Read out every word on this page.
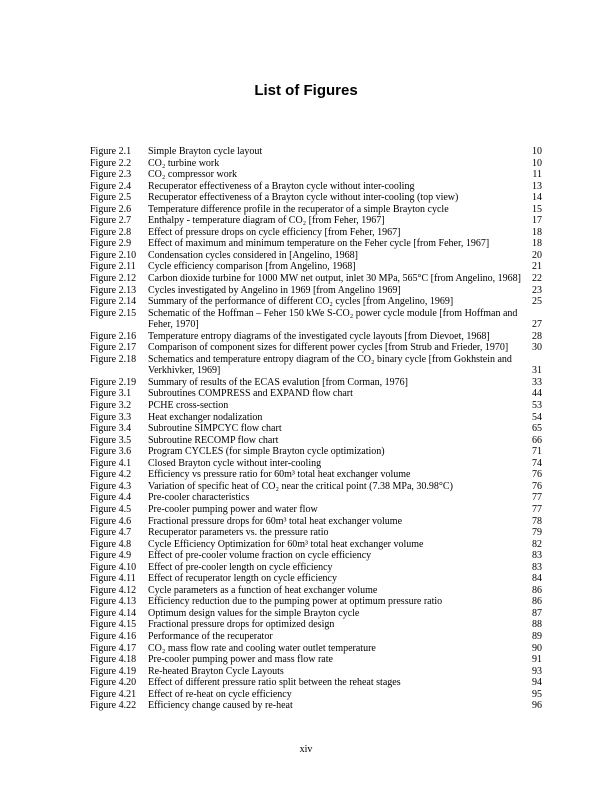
List of Figures
Figure 2.1	Simple Brayton cycle layout	10
Figure 2.2	CO₂ turbine work	10
Figure 2.3	CO₂ compressor work	11
Figure 2.4	Recuperator effectiveness of a Brayton cycle without inter-cooling	13
Figure 2.5	Recuperator effectiveness of a Brayton cycle without inter-cooling (top view)	14
Figure 2.6	Temperature difference profile in the recuperator of a simple Brayton cycle	15
Figure 2.7	Enthalpy - temperature diagram of CO₂ [from Feher, 1967]	17
Figure 2.8	Effect of pressure drops on cycle efficiency [from Feher, 1967]	18
Figure 2.9	Effect of maximum and minimum temperature on the Feher cycle [from Feher, 1967]	18
Figure 2.10	Condensation cycles considered in [Angelino, 1968]	20
Figure 2.11	Cycle efficiency comparison [from Angelino, 1968]	21
Figure 2.12	Carbon dioxide turbine for 1000 MW net output, inlet 30 MPa, 565°C [from Angelino, 1968]	22
Figure 2.13	Cycles investigated by Angelino in 1969 [from Angelino 1969]	23
Figure 2.14	Summary of the performance of different CO₂ cycles [from Angelino, 1969]	25
Figure 2.15	Schematic of the Hoffman – Feher 150 kWe S-CO₂ power cycle module [from Hoffman and
Feher, 1970]	27
Figure 2.16	Temperature entropy diagrams of the investigated cycle layouts [from Dievoet, 1968]	28
Figure 2.17	Comparison of component sizes for different power cycles [from Strub and Frieder, 1970]	30
Figure 2.18	Schematics and temperature entropy diagram of the CO₂ binary cycle [from Gokhstein and
Verkhivker, 1969]	31
Figure 2.19	Summary of results of the ECAS evalution [from Corman, 1976]	33
Figure 3.1	Subroutines COMPRESS and EXPAND flow chart	44
Figure 3.2	PCHE cross-section	53
Figure 3.3	Heat exchanger nodalization	54
Figure 3.4	Subroutine SIMPCYC flow chart	65
Figure 3.5	Subroutine RECOMP flow chart	66
Figure 3.6	Program CYCLES (for simple Brayton cycle optimization)	71
Figure 4.1	Closed Brayton cycle without inter-cooling	74
Figure 4.2	Efficiency vs pressure ratio for 60m³ total heat exchanger volume	76
Figure 4.3	Variation of specific heat of CO₂ near the critical point (7.38 MPa, 30.98°C)	76
Figure 4.4	Pre-cooler characteristics	77
Figure 4.5	Pre-cooler pumping power and water flow	77
Figure 4.6	Fractional pressure drops for 60m³ total heat exchanger volume	78
Figure 4.7	Recuperator parameters vs. the pressure ratio	79
Figure 4.8	Cycle Efficiency Optimization for 60m³ total heat exchanger volume	82
Figure 4.9	Effect of pre-cooler volume fraction on cycle efficiency	83
Figure 4.10	Effect of pre-cooler length on cycle efficiency	83
Figure 4.11	Effect of recuperator length on cycle efficiency	84
Figure 4.12	Cycle parameters as a function of heat exchanger volume	86
Figure 4.13	Efficiency reduction due to the pumping power at optimum pressure ratio	86
Figure 4.14	Optimum design values for the simple Brayton cycle	87
Figure 4.15	Fractional pressure drops for optimized design	88
Figure 4.16	Performance of the recuperator	89
Figure 4.17	CO₂ mass flow rate and cooling water outlet temperature	90
Figure 4.18	Pre-cooler pumping power and mass flow rate	91
Figure 4.19	Re-heated Brayton Cycle Layouts	93
Figure 4.20	Effect of different pressure ratio split between the reheat stages	94
Figure 4.21	Effect of re-heat on cycle efficiency	95
Figure 4.22	Efficiency change caused by re-heat	96
xiv
